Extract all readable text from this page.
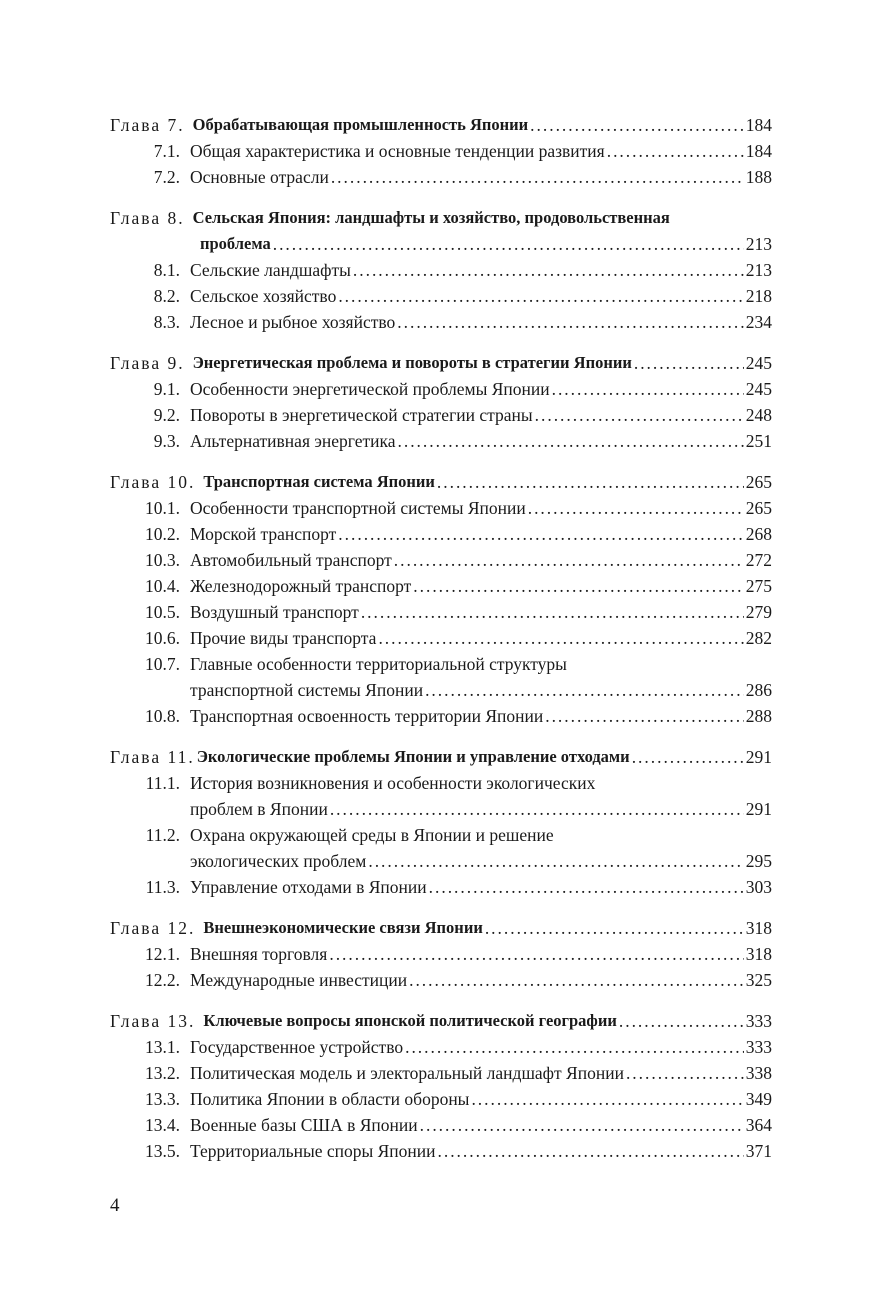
Глава 7. Обрабатывающая промышленность Японии . . .	184
7.1. Общая характеристика и основные тенденции развития . . .	184
7.2. Основные отрасли . . .	188
Глава 8. Сельская Япония: ландшафты и хозяйство, продовольственная
проблема . . .	213
8.1. Сельские ландшафты . . .	213
8.2. Сельское хозяйство . . .	218
8.3. Лесное и рыбное хозяйство . . .	234
Глава 9. Энергетическая проблема и повороты в стратегии Японии . . .	245
9.1. Особенности энергетической проблемы Японии . . .	245
9.2. Повороты в энергетической стратегии страны . . .	248
9.3. Альтернативная энергетика . . .	251
Глава 10. Транспортная система Японии . . .	265
10.1. Особенности транспортной системы Японии . . .	265
10.2. Морской транспорт . . .	268
10.3. Автомобильный транспорт . . .	272
10.4. Железнодорожный транспорт . . .	275
10.5. Воздушный транспорт . . .	279
10.6. Прочие виды транспорта . . .	282
10.7. Главные особенности территориальной структуры
транспортной системы Японии . . .	286
10.8. Транспортная освоенность территории Японии . . .	288
Глава 11. Экологические проблемы Японии и управление отходами . . .	291
11.1. История возникновения и особенности экологических
проблем в Японии . . .	291
11.2. Охрана окружающей среды в Японии и решение
экологических проблем . . .	295
11.3. Управление отходами в Японии . . .	303
Глава 12. Внешнеэкономические связи Японии . . .	318
12.1. Внешняя торговля . . .	318
12.2. Международные инвестиции . . .	325
Глава 13. Ключевые вопросы японской политической географии . . .	333
13.1. Государственное устройство . . .	333
13.2. Политическая модель и электоральный ландшафт Японии . . .	338
13.3. Политика Японии в области обороны . . .	349
13.4. Военные базы США в Японии . . .	364
13.5. Территориальные споры Японии . . .	371
4
